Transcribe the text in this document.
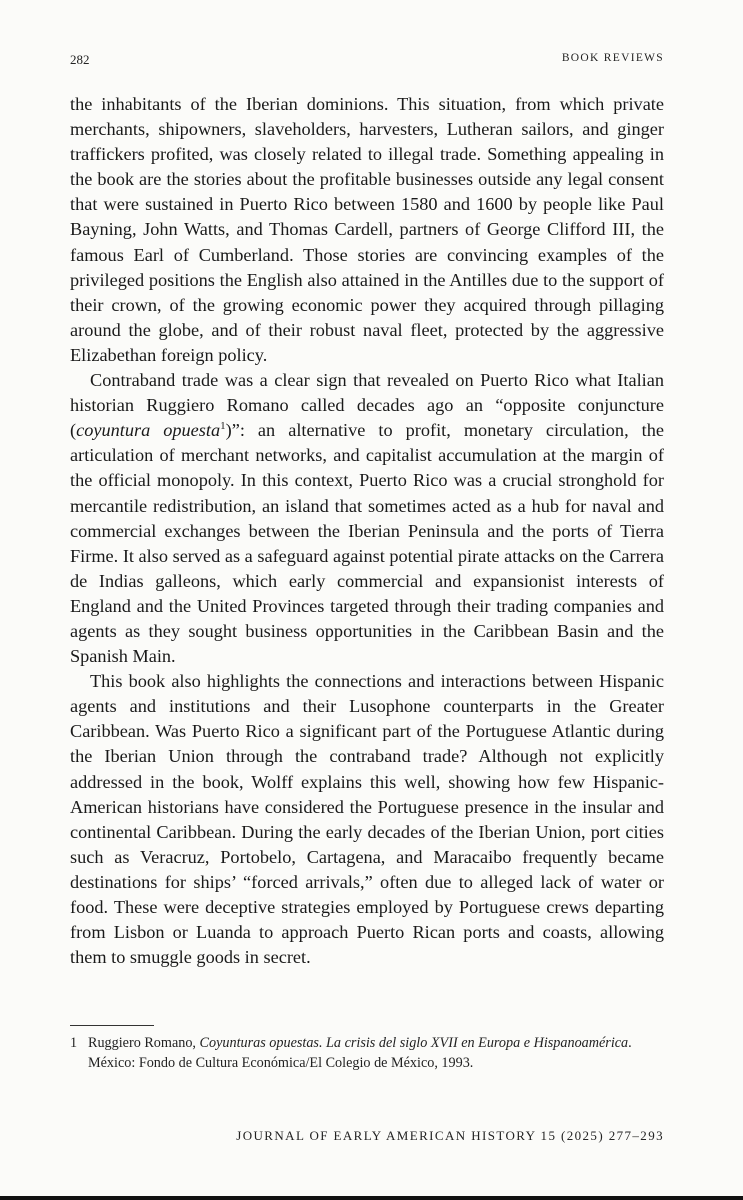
282	BOOK REVIEWS

the inhabitants of the Iberian dominions. This situation, from which private merchants, shipowners, slaveholders, harvesters, Lutheran sailors, and ginger traffickers profited, was closely related to illegal trade. Something appealing in the book are the stories about the profitable businesses outside any legal consent that were sustained in Puerto Rico between 1580 and 1600 by people like Paul Bayning, John Watts, and Thomas Cardell, partners of George Clifford III, the famous Earl of Cumberland. Those stories are convincing examples of the privileged positions the English also attained in the Antilles due to the support of their crown, of the growing economic power they acquired through pillaging around the globe, and of their robust naval fleet, protected by the aggressive Elizabethan foreign policy.

Contraband trade was a clear sign that revealed on Puerto Rico what Italian historian Ruggiero Romano called decades ago an “opposite conjuncture (coyuntura opuesta$^1$)”: an alternative to profit, monetary circulation, the articulation of merchant networks, and capitalist accumulation at the margin of the official monopoly. In this context, Puerto Rico was a crucial stronghold for mercantile redistribution, an island that sometimes acted as a hub for naval and commercial exchanges between the Iberian Peninsula and the ports of Tierra Firme. It also served as a safeguard against potential pirate attacks on the Carrera de Indias galleons, which early commercial and expansionist interests of England and the United Provinces targeted through their trading companies and agents as they sought business opportunities in the Caribbean Basin and the Spanish Main.

This book also highlights the connections and interactions between Hispanic agents and institutions and their Lusophone counterparts in the Greater Caribbean. Was Puerto Rico a significant part of the Portuguese Atlantic during the Iberian Union through the contraband trade? Although not explicitly addressed in the book, Wolff explains this well, showing how few Hispanic-American historians have considered the Portuguese presence in the insular and continental Caribbean. During the early decades of the Iberian Union, port cities such as Veracruz, Portobelo, Cartagena, and Maracaibo frequently became destinations for ships’ “forced arrivals,” often due to alleged lack of water or food. These were deceptive strategies employed by Portuguese crews departing from Lisbon or Luanda to approach Puerto Rican ports and coasts, allowing them to smuggle goods in secret.

1 Ruggiero Romano, Coyunturas opuestas. La crisis del siglo XVII en Europa e Hispanoamérica. México: Fondo de Cultura Económica/El Colegio de México, 1993.
JOURNAL OF EARLY AMERICAN HISTORY 15 (2025) 277–293
